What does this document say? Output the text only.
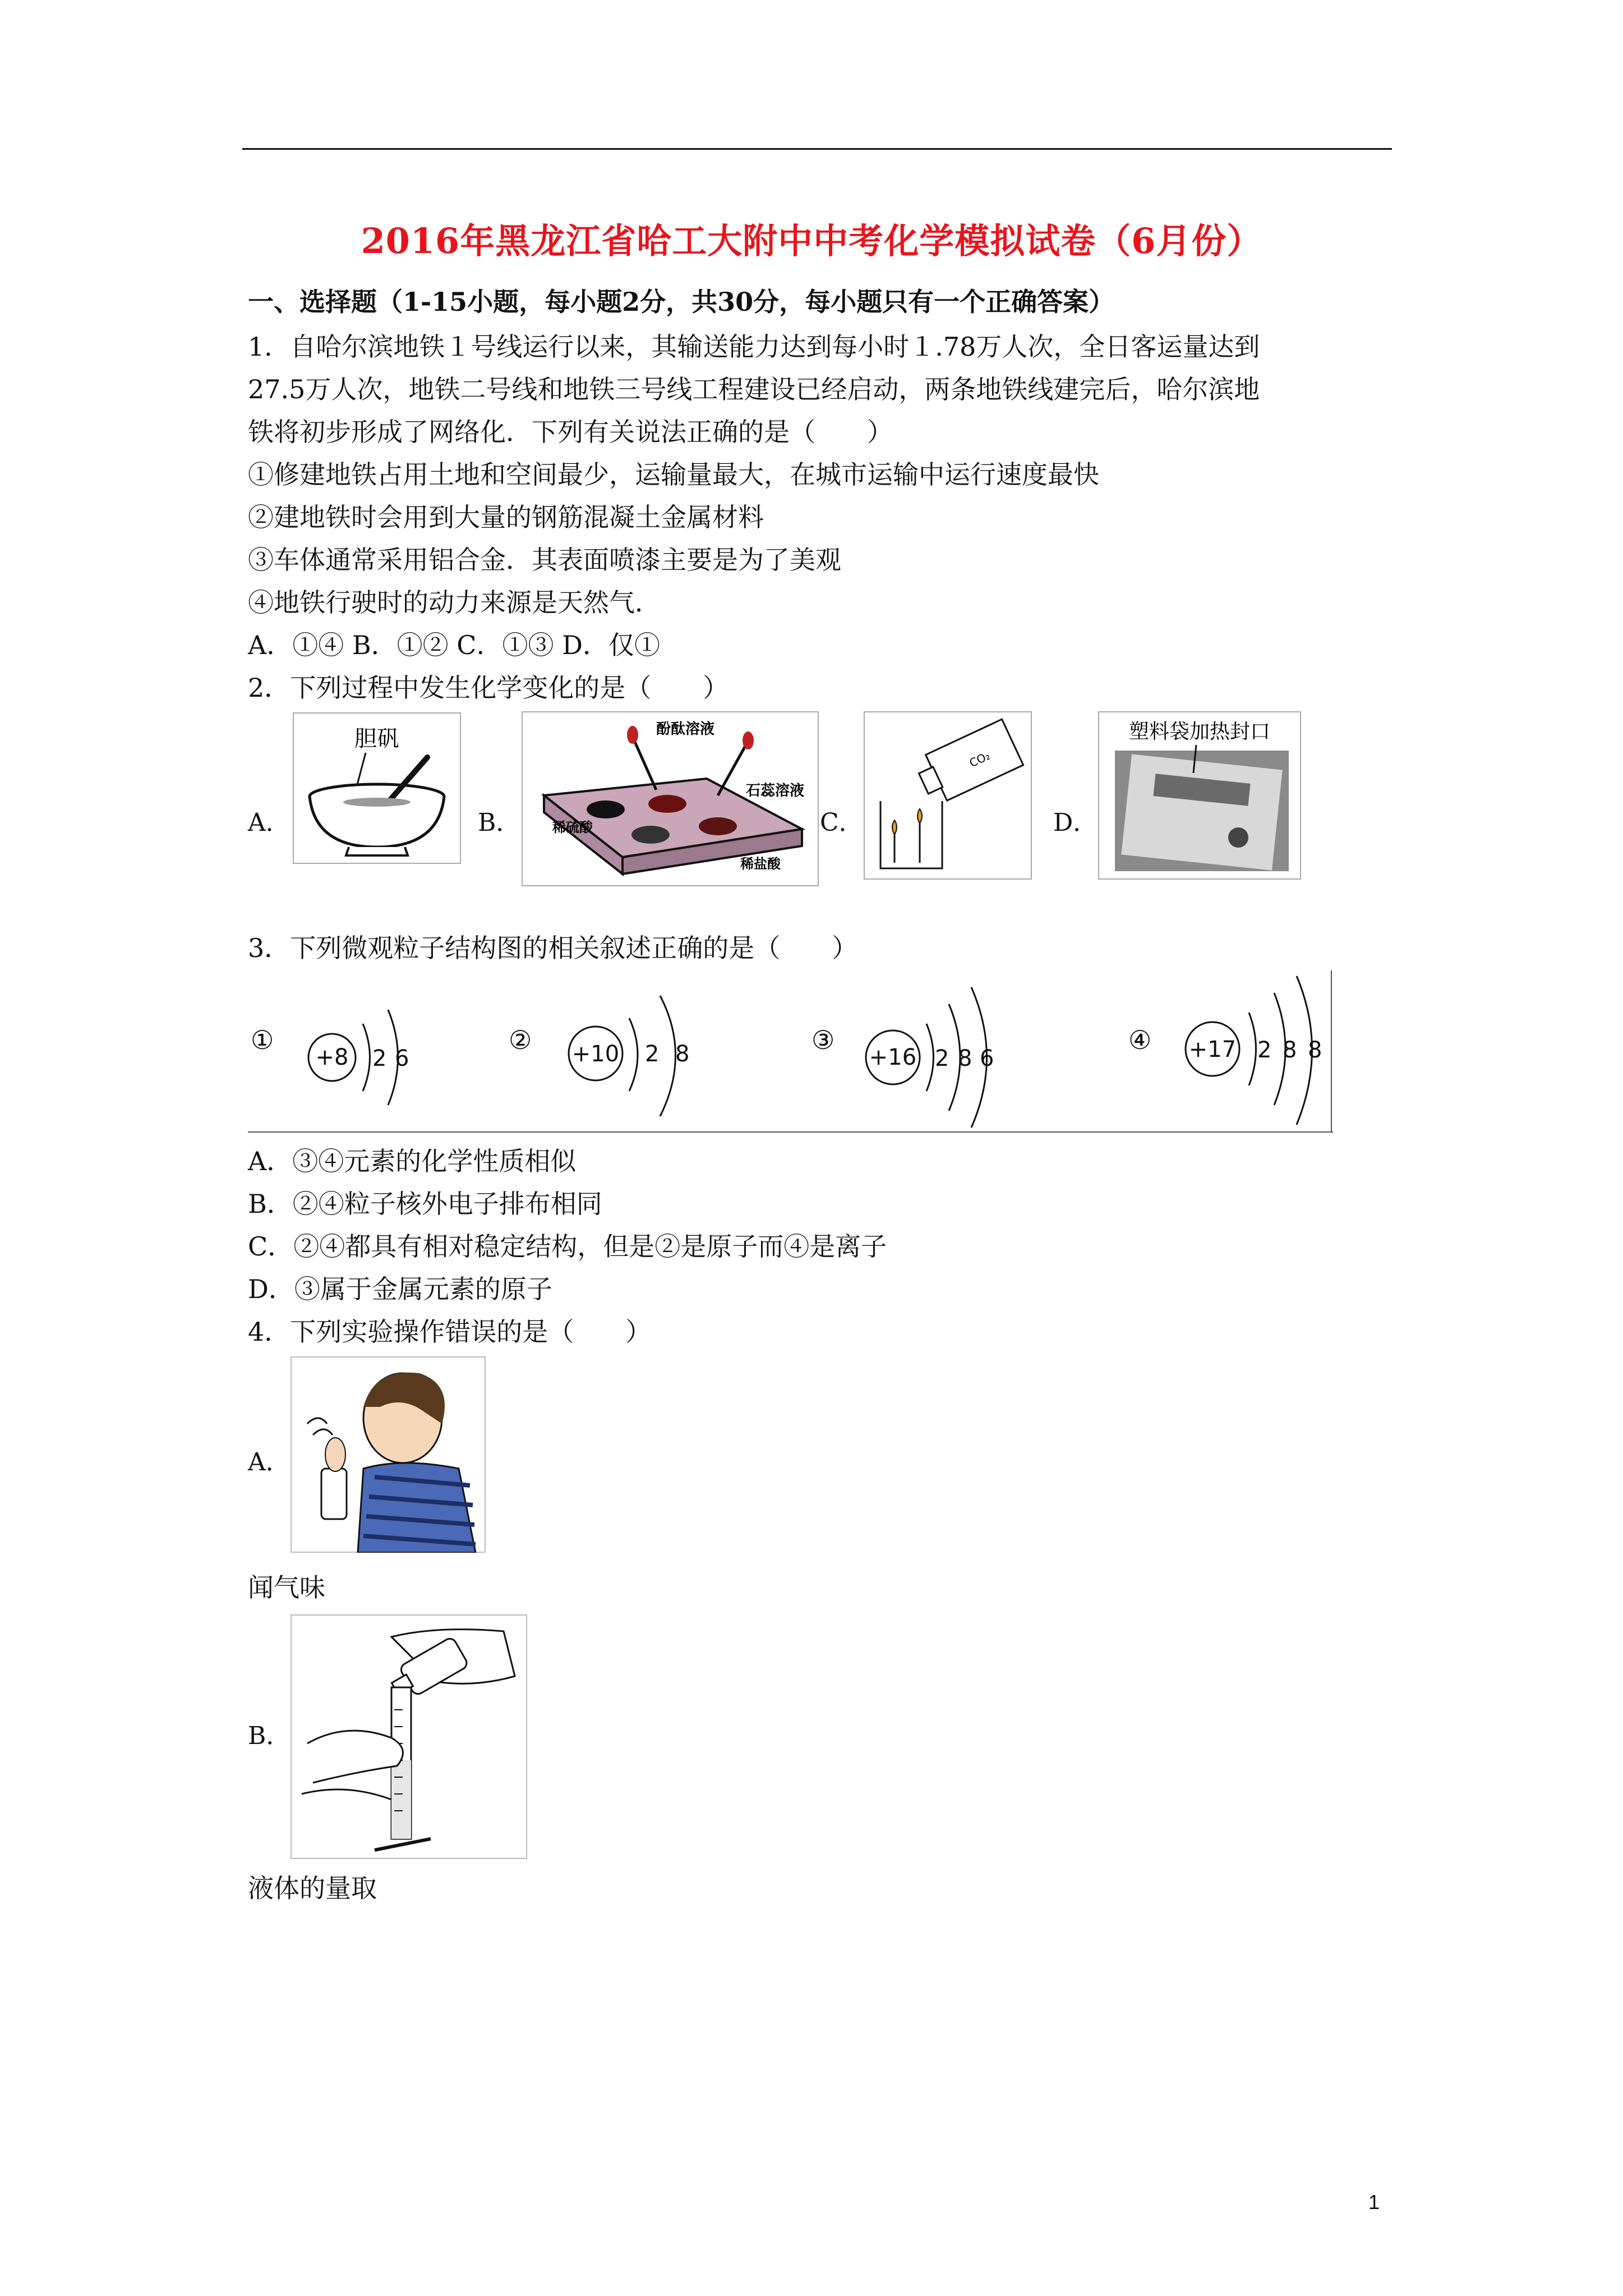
2016年黑龙江省哈工大附中中考化学模拟试卷（6月份）
一、选择题（1-15小题，每小题2分，共30分，每小题只有一个正确答案）
1．自哈尔滨地铁１号线运行以来，其输送能力达到每小时１.78万人次，全日客运量达到
27.5万人次，地铁二号线和地铁三号线工程建设已经启动，两条地铁线建完后，哈尔滨地
铁将初步形成了网络化．下列有关说法正确的是（　　）
①修建地铁占用土地和空间最少，运输量最大，在城市运输中运行速度最快
②建地铁时会用到大量的钢筋混凝土金属材料
③车体通常采用铝合金．其表面喷漆主要是为了美观
④地铁行驶时的动力来源是天然气．
A．①④ B．①② C．①③ D．仅①
2．下列过程中发生化学变化的是（　　）
A．
胆矾
B．
酚酞溶液
石蕊溶液
稀硫酸
稀盐酸
C．
CO₂
D．
塑料袋加热封口
3．下列微观粒子结构图的相关叙述正确的是（　　）
①
+8 2 6
② +10 2 8	③
+16 2 8 6
④ +17 2 8 8
A．③④元素的化学性质相似
B．②④粒子核外电子排布相同
C．②④都具有相对稳定结构，但是②是原子而④是离子
D．③属于金属元素的原子
4．下列实验操作错误的是（　　）
A．
闻气味
B．
液体的量取
1
